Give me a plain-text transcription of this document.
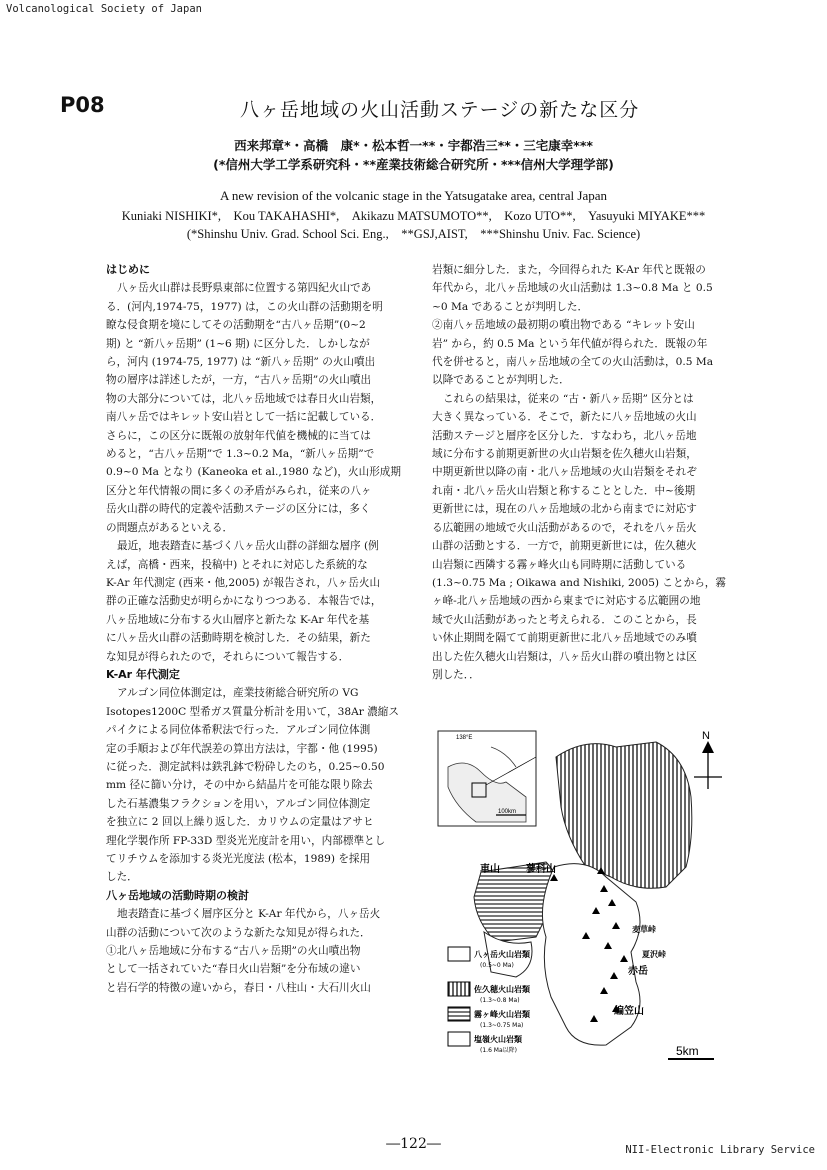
Volcanological Society of Japan
P08	八ヶ岳地域の火山活動ステージの新たな区分
西来邦章*・高橋　康*・松本哲一**・宇都浩三**・三宅康幸***
(*信州大学工学系研究科・**産業技術総合研究所・***信州大学理学部)
A new revision of the volcanic stage in the Yatsugatake area, central Japan
Kuniaki NISHIKI*,　Kou TAKAHASHI*,　Akikazu MATSUMOTO**,　Kozo UTO**,　Yasuyuki MIYAKE***
(*Shinshu Univ. Grad. School Sci. Eng.,　**GSJ,AIST,　***Shinshu Univ. Fac. Science)

はじめに

八ヶ岳火山群は長野県東部に位置する第四紀火山であ

る．(河内,1974-75，1977) は，この火山群の活動期を明

瞭な侵食期を境にしてその活動期を“古八ヶ岳期”(0~2

期) と “新八ヶ岳期” (1~6 期) に区分した．しかしなが

ら，河内 (1974-75, 1977) は “新八ヶ岳期” の火山噴出

物の層序は詳述したが，一方，“古八ヶ岳期”の火山噴出

物の大部分については，北八ヶ岳地域では春日火山岩類，

南八ヶ岳ではキレット安山岩として一括に記載している．

さらに，この区分に既報の放射年代値を機械的に当ては

めると，“古八ヶ岳期”で 1.3~0.2 Ma，“新八ヶ岳期”で

0.9~0 Ma となり (Kaneoka et al.,1980 など)，火山形成期

区分と年代情報の間に多くの矛盾がみられ，従来の八ヶ

岳火山群の時代的定義や活動ステージの区分には，多く

の問題点があるといえる．

最近，地表踏査に基づく八ヶ岳火山群の詳細な層序 (例

えば，高橋・西来，投稿中) とそれに対応した系統的な

K-Ar 年代測定 (西来・他,2005) が報告され，八ヶ岳火山

群の正確な活動史が明らかになりつつある．本報告では，

八ヶ岳地域に分布する火山層序と新たな K-Ar 年代を基

に八ヶ岳火山群の活動時期を検討した．その結果，新た

な知見が得られたので，それらについて報告する．

K-Ar 年代測定

アルゴン同位体測定は，産業技術総合研究所の VG

Isotopes1200C 型希ガス質量分析計を用いて，38Ar 濃縮ス

パイクによる同位体希釈法で行った．アルゴン同位体測

定の手順および年代誤差の算出方法は，宇都・他 (1995)

に従った．測定試料は鉄乳鉢で粉砕したのち，0.25~0.50

mm 径に篩い分け，その中から結晶片を可能な限り除去

した石基濃集フラクションを用い，アルゴン同位体測定

を独立に 2 回以上繰り返した．カリウムの定量はアサヒ

理化学製作所 FP-33D 型炎光光度計を用い，内部標準とし

てリチウムを添加する炎光光度法 (松本，1989) を採用

した．

八ヶ岳地域の活動時期の検討

地表踏査に基づく層序区分と K-Ar 年代から，八ヶ岳火

山群の活動について次のような新たな知見が得られた．

①北八ヶ岳地域に分布する“古八ヶ岳期”の火山噴出物

として一括されていた“春日火山岩類”を分布域の違い

と岩石学的特徴の違いから，春日・八柱山・大石川火山

岩類に細分した．また，今回得られた K-Ar 年代と既報の

年代から，北八ヶ岳地域の火山活動は 1.3~0.8 Ma と 0.5

~0 Ma であることが判明した．

②南八ヶ岳地域の最初期の噴出物である “キレット安山

岩” から，約 0.5 Ma という年代値が得られた．既報の年

代を併せると，南八ヶ岳地域の全ての火山活動は，0.5 Ma

以降であることが判明した．

これらの結果は，従来の “古・新八ヶ岳期” 区分とは

大きく異なっている．そこで，新たに八ヶ岳地域の火山

活動ステージと層序を区分した．すなわち，北八ヶ岳地

域に分布する前期更新世の火山岩類を佐久穂火山岩類，

中期更新世以降の南・北八ヶ岳地域の火山岩類をそれぞ

れ南・北八ヶ岳火山岩類と称することとした．中~後期

更新世には，現在の八ヶ岳地域の北から南までに対応す

る広範囲の地域で火山活動があるので，それを八ヶ岳火

山群の活動とする．一方で，前期更新世には，佐久穂火

山岩類に西隣する霧ヶ峰火山も同時期に活動している

(1.3~0.75 Ma ; Oikawa and Nishiki, 2005) ことから，霧

ヶ峰-北八ヶ岳地域の西から東までに対応する広範囲の地

域で火山活動があったと考えられる．このことから，長

い休止期間を隔てて前期更新世に北八ヶ岳地域でのみ噴

出した佐久穂火山岩類は，八ヶ岳火山群の噴出物とは区

別した．．

100km
138°E	N
車山	蓼科山
麦草峠
夏沢峠
赤岳
編笠山
八ヶ岳火山岩類
(0.5~0 Ma)
佐久穂火山岩類
(1.3~0.8 Ma)
霧ヶ峰火山岩類
(1.3~0.75 Ma)
塩嶺火山岩類
(1.6 Ma以降)	5km
―122―	NII-Electronic Library Service
